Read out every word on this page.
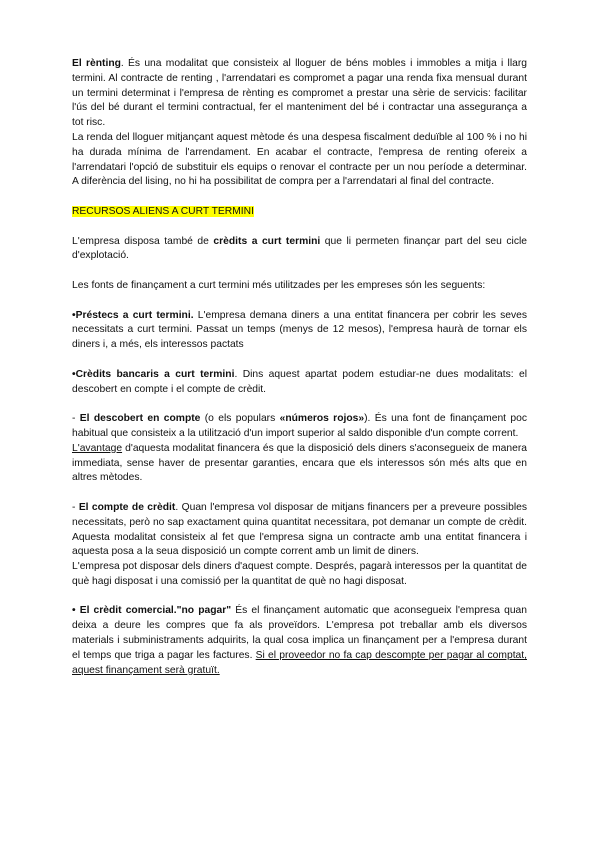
El rènting. És una modalitat que consisteix al lloguer de béns mobles i immobles a mitja i llarg termini. Al contracte de renting , l'arrendatari es compromet a pagar una renda fixa mensual durant un termini determinat i l'empresa de rènting es compromet a prestar una sèrie de servicis: facilitar l'ús del bé durant el termini contractual, fer el manteniment del bé i contractar una assegurança a tot risc.

La renda del lloguer mitjançant aquest mètode és una despesa fiscalment deduïble al 100 % i no hi ha durada mínima de l'arrendament. En acabar el contracte, l'empresa de renting ofereix a l'arrendatari l'opció de substituir els equips o renovar el contracte per un nou període a determinar. A diferència del lising, no hi ha possibilitat de compra per a l'arrendatari al final del contracte.

RECURSOS ALIENS A CURT TERMINI

L'empresa disposa també de crèdits a curt termini que li permeten finançar part del seu cicle d'explotació.

Les fonts de finançament a curt termini més utilitzades per les empreses són les seguents:

•Préstecs a curt termini. L'empresa demana diners a una entitat financera per cobrir les seves necessitats a curt termini. Passat un temps (menys de 12 mesos), l'empresa haurà de tornar els diners i, a més, els interessos pactats

•Crèdits bancaris a curt termini. Dins aquest apartat podem estudiar-ne dues modalitats: el descobert en compte i el compte de crèdit.

- El descobert en compte (o els populars «números rojos»). És una font de finançament poc habitual que consisteix a la utilització d'un import superior al saldo disponible d'un compte corrent.

L'avantage d'aquesta modalitat financera és que la disposició dels diners s'aconsegueix de manera immediata, sense haver de presentar garanties, encara que els interessos són més alts que en altres mètodes.

- El compte de crèdit. Quan l'empresa vol disposar de mitjans financers per a preveure possibles necessitats, però no sap exactament quina quantitat necessitara, pot demanar un compte de crèdit. Aquesta modalitat consisteix al fet que l'empresa signa un contracte amb una entitat financera i aquesta posa a la seua disposició un compte corrent amb un limit de diners.

L'empresa pot disposar dels diners d'aquest compte. Després, pagarà interessos per la quantitat de què hagi disposat i una comissió per la quantitat de què no hagi disposat.

• El crèdit comercial."no pagar" És el finançament automatic que aconsegueix l'empresa quan deixa a deure les compres que fa als proveïdors. L'empresa pot treballar amb els diversos materials i subministraments adquirits, la qual cosa implica un finançament per a l'empresa durant el temps que triga a pagar les factures. Si el proveedor no fa cap descompte per pagar al comptat, aquest finançament serà gratuït.
